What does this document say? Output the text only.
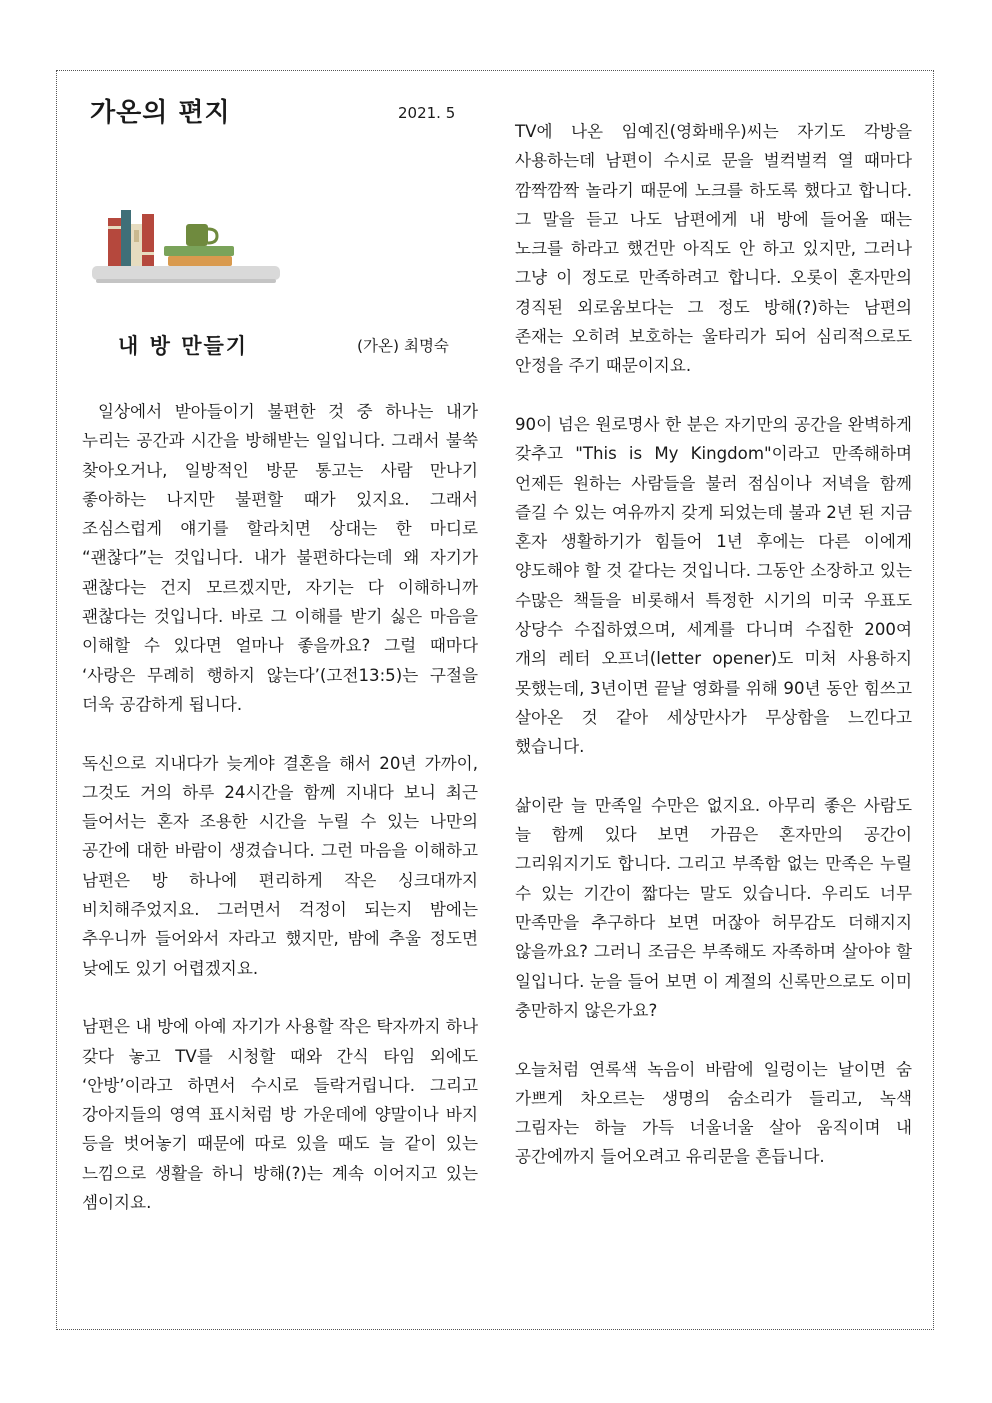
가온의 편지	2021. 5
내 방 만들기	(가온) 최명숙

일상에서 받아들이기 불편한 것 중 하나는 내가 누리는 공간과 시간을 방해받는 일입니다. 그래서 불쑥 찾아오거나, 일방적인 방문 통고는 사람 만나기 좋아하는 나지만 불편할 때가 있지요. 그래서 조심스럽게 얘기를 할라치면 상대는 한 마디로 “괜찮다”는 것입니다. 내가 불편하다는데 왜 자기가 괜찮다는 건지 모르겠지만, 자기는 다 이해하니까 괜찮다는 것입니다. 바로 그 이해를 받기 싫은 마음을 이해할 수 있다면 얼마나 좋을까요? 그럴 때마다 ‘사랑은 무례히 행하지 않는다’(고전13:5)는 구절을 더욱 공감하게 됩니다.

독신으로 지내다가 늦게야 결혼을 해서 20년 가까이, 그것도 거의 하루 24시간을 함께 지내다 보니 최근 들어서는 혼자 조용한 시간을 누릴 수 있는 나만의 공간에 대한 바람이 생겼습니다. 그런 마음을 이해하고 남편은 방 하나에 편리하게 작은 싱크대까지 비치해주었지요. 그러면서 걱정이 되는지 밤에는 추우니까 들어와서 자라고 했지만, 밤에 추울 정도면 낮에도 있기 어렵겠지요.

남편은 내 방에 아예 자기가 사용할 작은 탁자까지 하나 갖다 놓고 TV를 시청할 때와 간식 타임 외에도 ‘안방’이라고 하면서 수시로 들락거립니다. 그리고 강아지들의 영역 표시처럼 방 가운데에 양말이나 바지 등을 벗어놓기 때문에 따로 있을 때도 늘 같이 있는 느낌으로 생활을 하니 방해(?)는 계속 이어지고 있는 셈이지요.

TV에 나온 임예진(영화배우)씨는 자기도 각방을 사용하는데 남편이 수시로 문을 벌컥벌컥 열 때마다 깜짝깜짝 놀라기 때문에 노크를 하도록 했다고 합니다. 그 말을 듣고 나도 남편에게 내 방에 들어올 때는 노크를 하라고 했건만 아직도 안 하고 있지만, 그러나 그냥 이 정도로 만족하려고 합니다. 오롯이 혼자만의 경직된 외로움보다는 그 정도 방해(?)하는 남편의 존재는 오히려 보호하는 울타리가 되어 심리적으로도 안정을 주기 때문이지요.

90이 넘은 원로명사 한 분은 자기만의 공간을 완벽하게 갖추고 "This is My Kingdom"이라고 만족해하며 언제든 원하는 사람들을 불러 점심이나 저녁을 함께 즐길 수 있는 여유까지 갖게 되었는데 불과 2년 된 지금 혼자 생활하기가 힘들어 1년 후에는 다른 이에게 양도해야 할 것 같다는 것입니다. 그동안 소장하고 있는 수많은 책들을 비롯해서 특정한 시기의 미국 우표도 상당수 수집하였으며, 세계를 다니며 수집한 200여 개의 레터 오프너(letter opener)도 미처 사용하지 못했는데, 3년이면 끝날 영화를 위해 90년 동안 힘쓰고 살아온 것 같아 세상만사가 무상함을 느낀다고 했습니다.

삶이란 늘 만족일 수만은 없지요. 아무리 좋은 사람도 늘 함께 있다 보면 가끔은 혼자만의 공간이 그리워지기도 합니다. 그리고 부족함 없는 만족은 누릴 수 있는 기간이 짧다는 말도 있습니다. 우리도 너무 만족만을 추구하다 보면 머잖아 허무감도 더해지지 않을까요? 그러니 조금은 부족해도 자족하며 살아야 할 일입니다. 눈을 들어 보면 이 계절의 신록만으로도 이미 충만하지 않은가요?

오늘처럼 연록색 녹음이 바람에 일렁이는 날이면 숨 가쁘게 차오르는 생명의 숨소리가 들리고, 녹색 그림자는 하늘 가득 너울너울 살아 움직이며 내 공간에까지 들어오려고 유리문을 흔듭니다.
